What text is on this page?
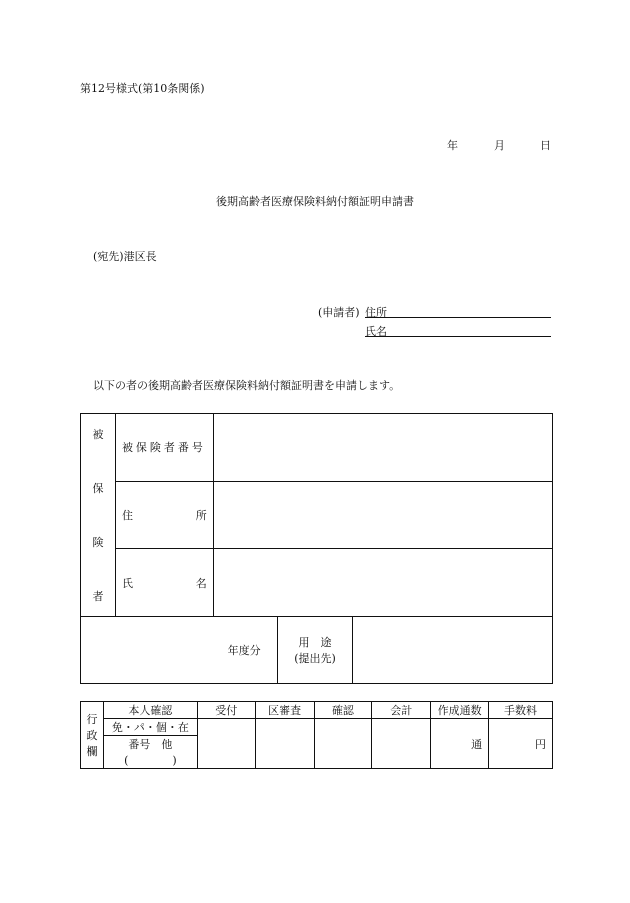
第12号様式(第10条関係)
年	月	日
後期高齢者医療保険料納付額証明申請書
(宛先)港区長
(申請者) 住所
氏名
以下の者の後期高齢者医療保険料納付額証明書を申請します。
被
保
険
者	被保険者番号			

	住 所			

	氏 名			

年度分			用　途
(提出先)	

行
政
欄	本人確認	受付	区審査	確認	会計	作成通数	手数料
	免・パ・個・在					通	円
	番号　他						
	(　　　　)						
